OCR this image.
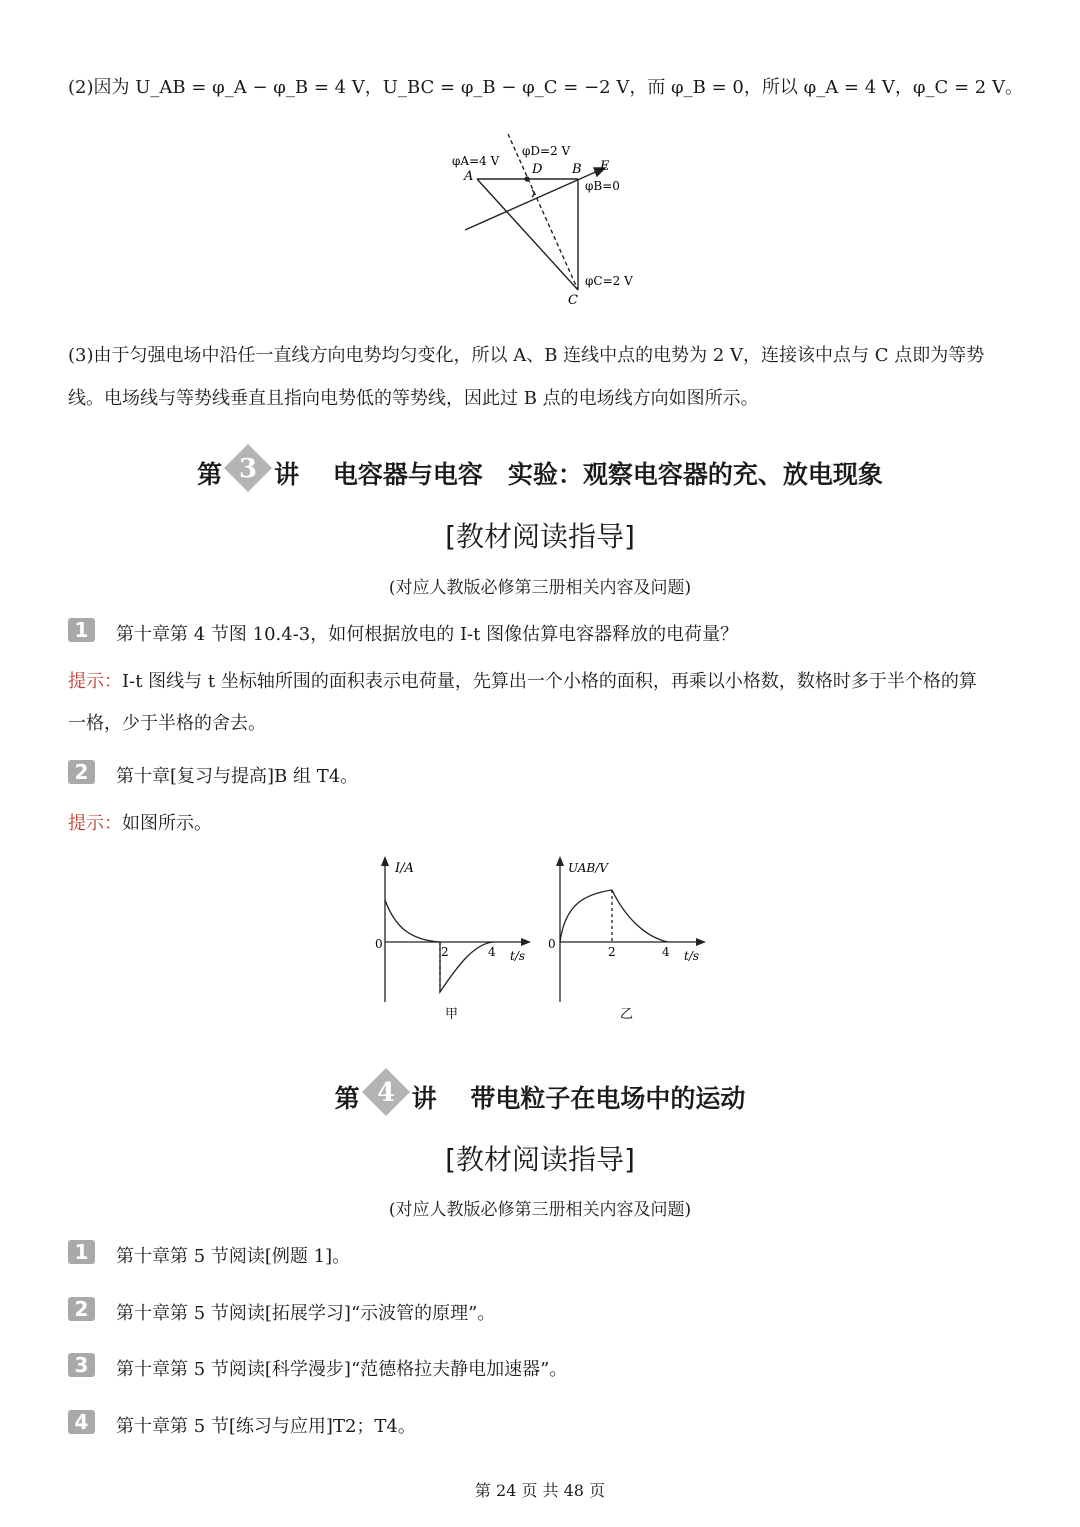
(2)因为 U_AB = φ_A − φ_B = 4 V，U_BC = φ_B − φ_C = −2 V，而 φ_B = 0，所以 φ_A = 4 V，φ_C = 2 V。
φA=4 V
A
φD=2 V
D B E
φB=0
φC=2 V
C
(3)由于匀强电场中沿任一直线方向电势均匀变化，所以 A、B 连线中点的电势为 2 V，连接该中点与 C 点即为等势
线。电场线与等势线垂直且指向电势低的等势线，因此过 B 点的电场线方向如图所示。
第 3 讲　 电容器与电容　实验：观察电容器的充、放电现象
[教材阅读指导]
(对应人教版必修第三册相关内容及问题)
1	第十章第 4 节图 10.4-3，如何根据放电的 I-t 图像估算电容器释放的电荷量？
提示：I-t 图线与 t 坐标轴所围的面积表示电荷量，先算出一个小格的面积，再乘以小格数，数格时多于半个格的算
一格，少于半格的舍去。
2	第十章[复习与提高]B 组 T4。
提示：如图所示。
I/A
0
2	4 t/s
甲
UAB/V
0
2	4 t/s
乙
第 4 讲　 带电粒子在电场中的运动
[教材阅读指导]
(对应人教版必修第三册相关内容及问题)
1	第十章第 5 节阅读[例题 1]。
2	第十章第 5 节阅读[拓展学习]“示波管的原理”。
3	第十章第 5 节阅读[科学漫步]“范德格拉夫静电加速器”。
4	第十章第 5 节[练习与应用]T2；T4。
第 24 页 共 48 页
